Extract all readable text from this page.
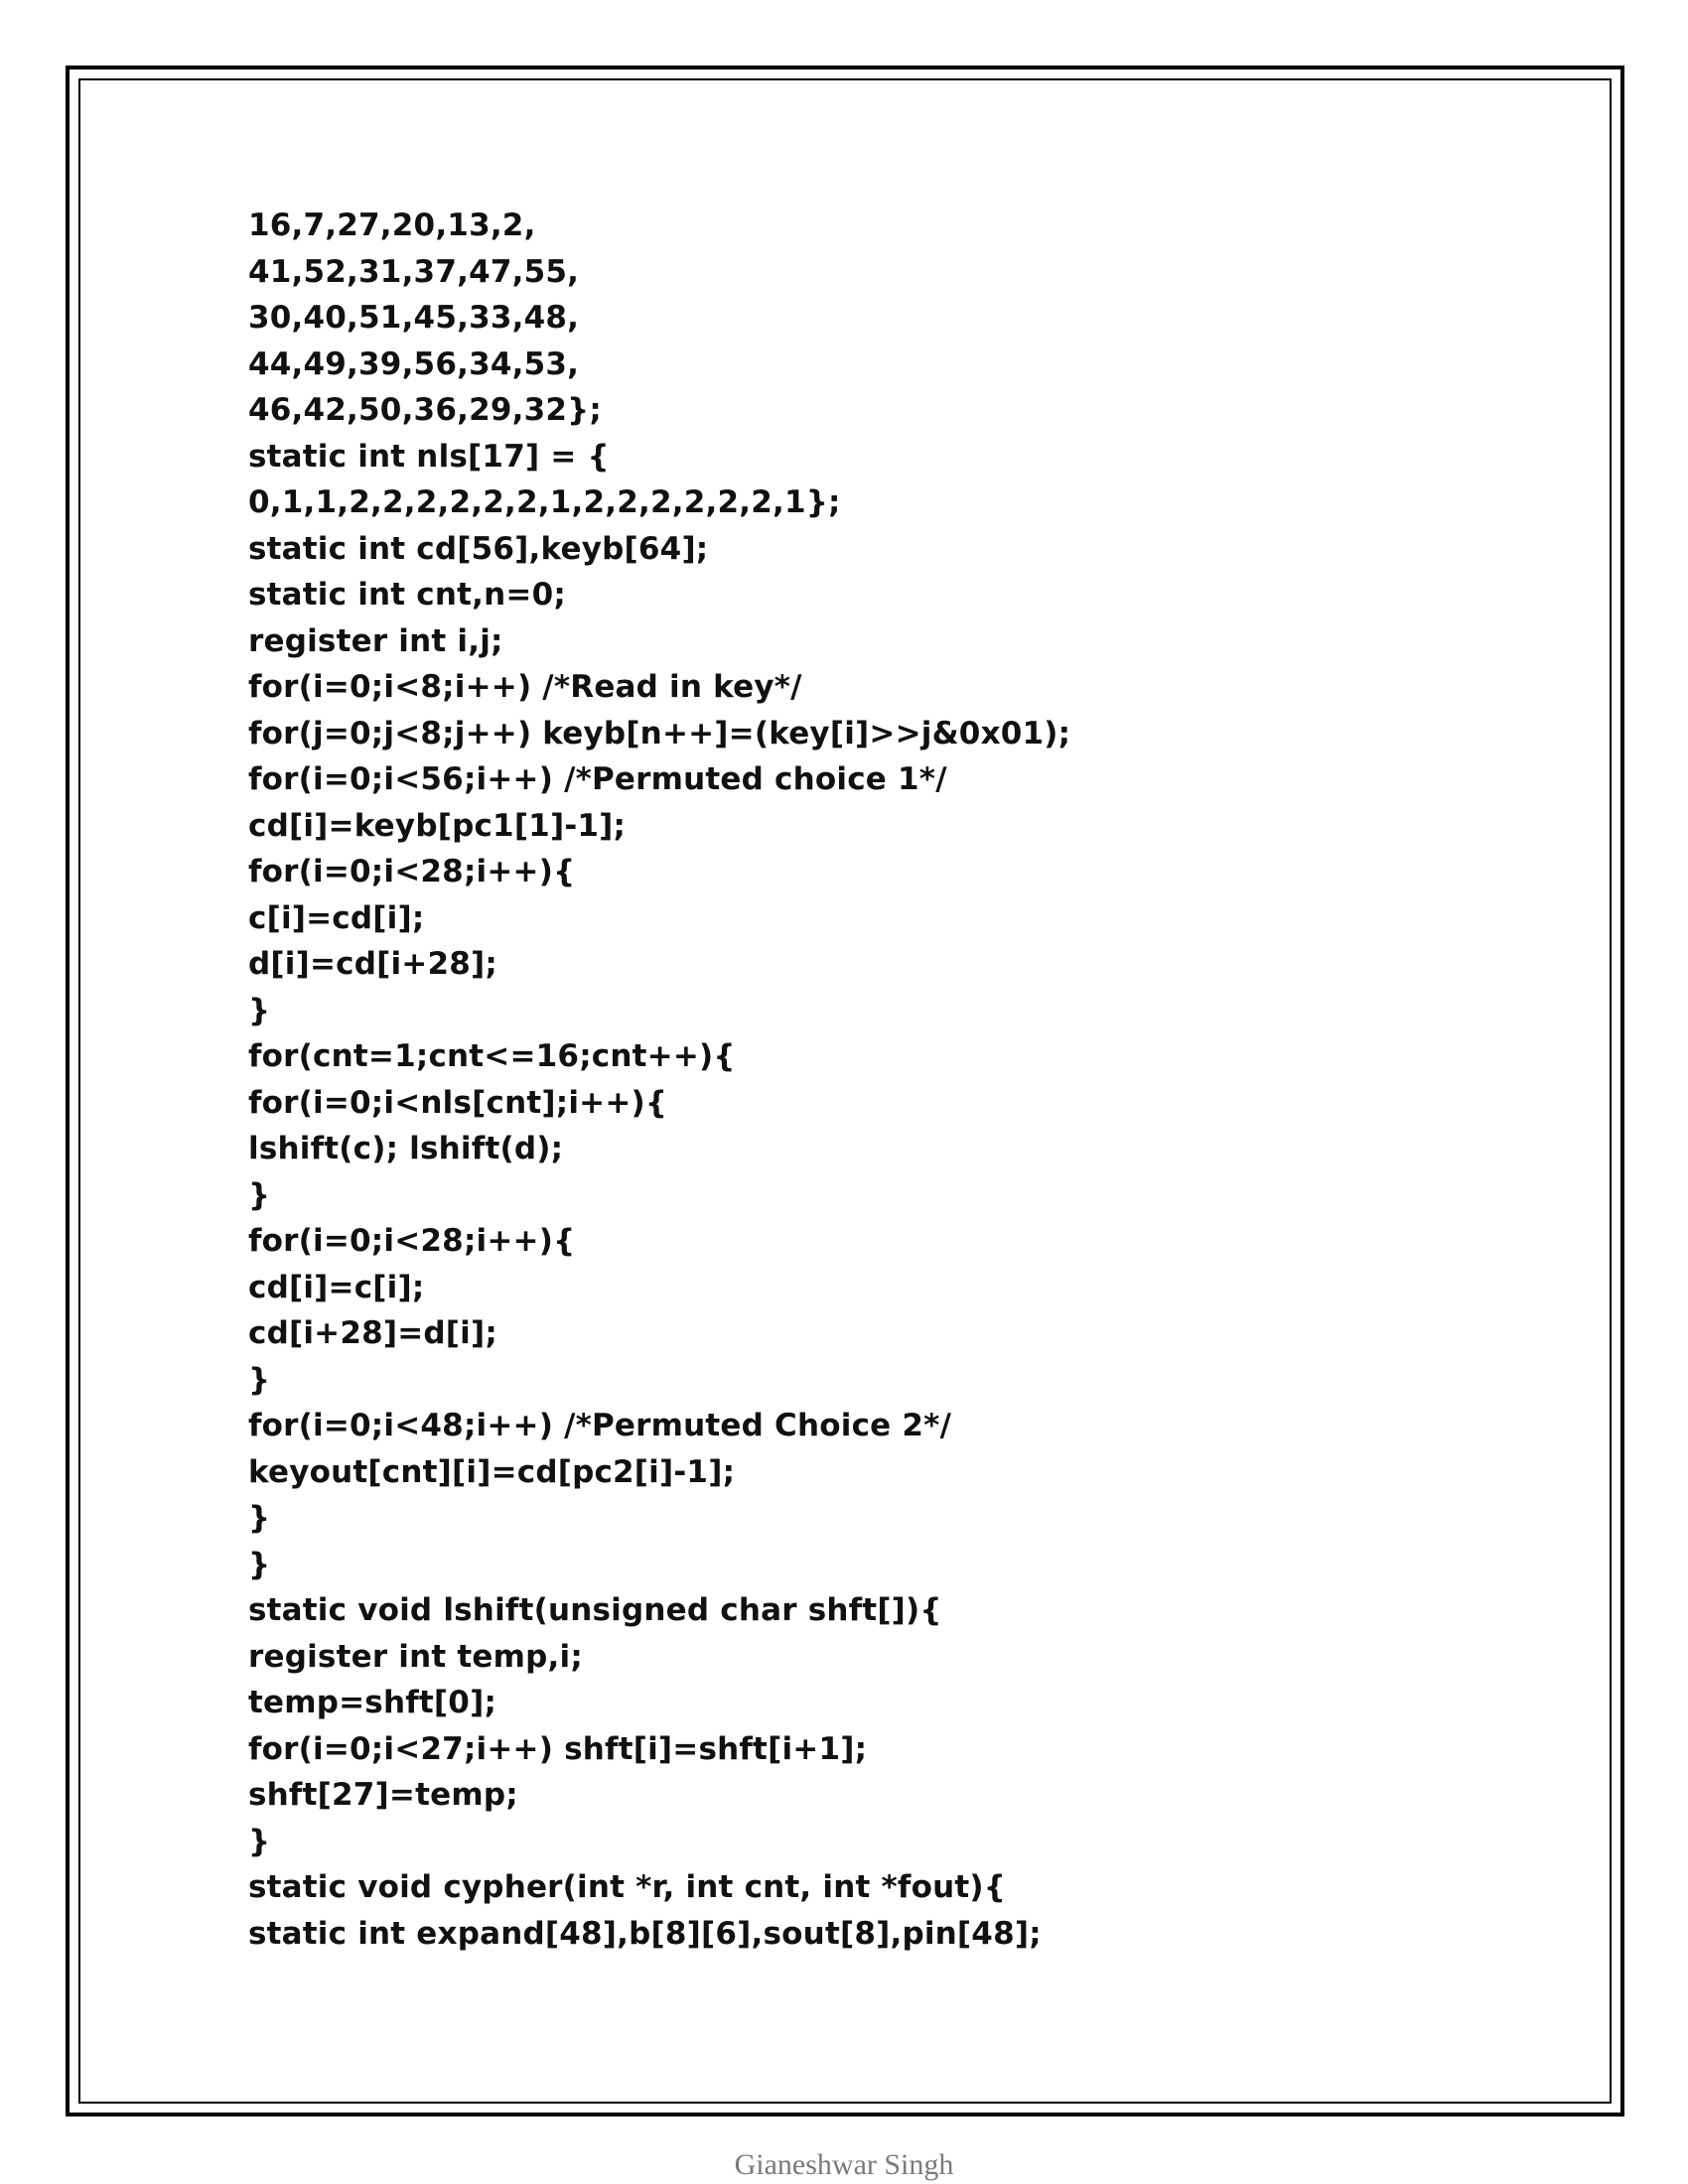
16,7,27,20,13,2,
41,52,31,37,47,55,
30,40,51,45,33,48,
44,49,39,56,34,53,
46,42,50,36,29,32};
static int nls[17] = {
0,1,1,2,2,2,2,2,2,1,2,2,2,2,2,2,1};
static int cd[56],keyb[64];
static int cnt,n=0;
register int i,j;
for(i=0;i<8;i++) /*Read in key*/
for(j=0;j<8;j++) keyb[n++]=(key[i]>>j&0x01);
for(i=0;i<56;i++) /*Permuted choice 1*/
cd[i]=keyb[pc1[1]-1];
for(i=0;i<28;i++){
c[i]=cd[i];
d[i]=cd[i+28];
}
for(cnt=1;cnt<=16;cnt++){
for(i=0;i<nls[cnt];i++){
lshift(c); lshift(d);
}
for(i=0;i<28;i++){
cd[i]=c[i];
cd[i+28]=d[i];
}
for(i=0;i<48;i++) /*Permuted Choice 2*/
keyout[cnt][i]=cd[pc2[i]-1];
}
}
static void lshift(unsigned char shft[]){
register int temp,i;
temp=shft[0];
for(i=0;i<27;i++) shft[i]=shft[i+1];
shft[27]=temp;
}
static void cypher(int *r, int cnt, int *fout){
static int expand[48],b[8][6],sout[8],pin[48];
Gianeshwar Singh
